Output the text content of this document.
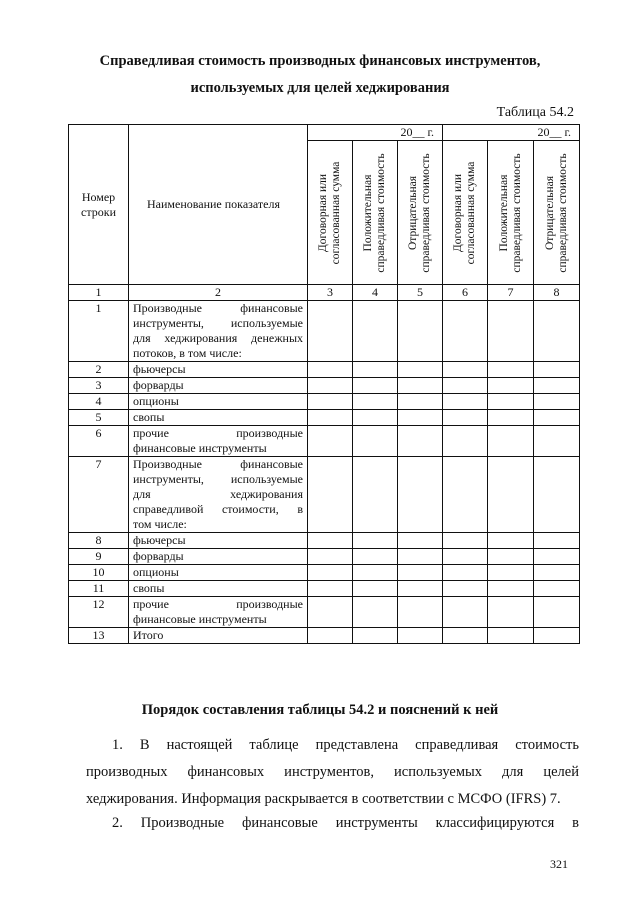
Справедливая стоимость производных финансовых инструментов,
используемых для целей хеджирования
Таблица 54.2
Номер строки	Наименование показателя	20__ г.			20__ г.		

		Договорная или согласованная сумма	Положительная справедливая стоимость	Отрицательная справедливая стоимость	Договорная или согласованная сумма	Положительная справедливая стоимость	Отрицательная справедливая стоимость

1	2	3	4	5	6	7	8
1	Производные финансовые
инструменты, используемые
для хеджирования денежных
потоков, в том числе:						

2	фьючерсы						

3	форварды						

4	опционы						

5	свопы						

6	прочие производные
финансовые инструменты						

7	Производные финансовые
инструменты, используемые
для хеджирования
справедливой стоимости, в
том числе:						

8	фьючерсы						

9	форварды						

10	опционы						

11	свопы						

12	прочие производные
финансовые инструменты						

13	Итого						

Порядок составления таблицы 54.2 и пояснений к ней
1. В настоящей таблице представлена справедливая стоимость
производных финансовых инструментов, используемых для целей
хеджирования. Информация раскрывается в соответствии с МСФО (IFRS) 7.
2. Производные финансовые инструменты классифицируются в
321
